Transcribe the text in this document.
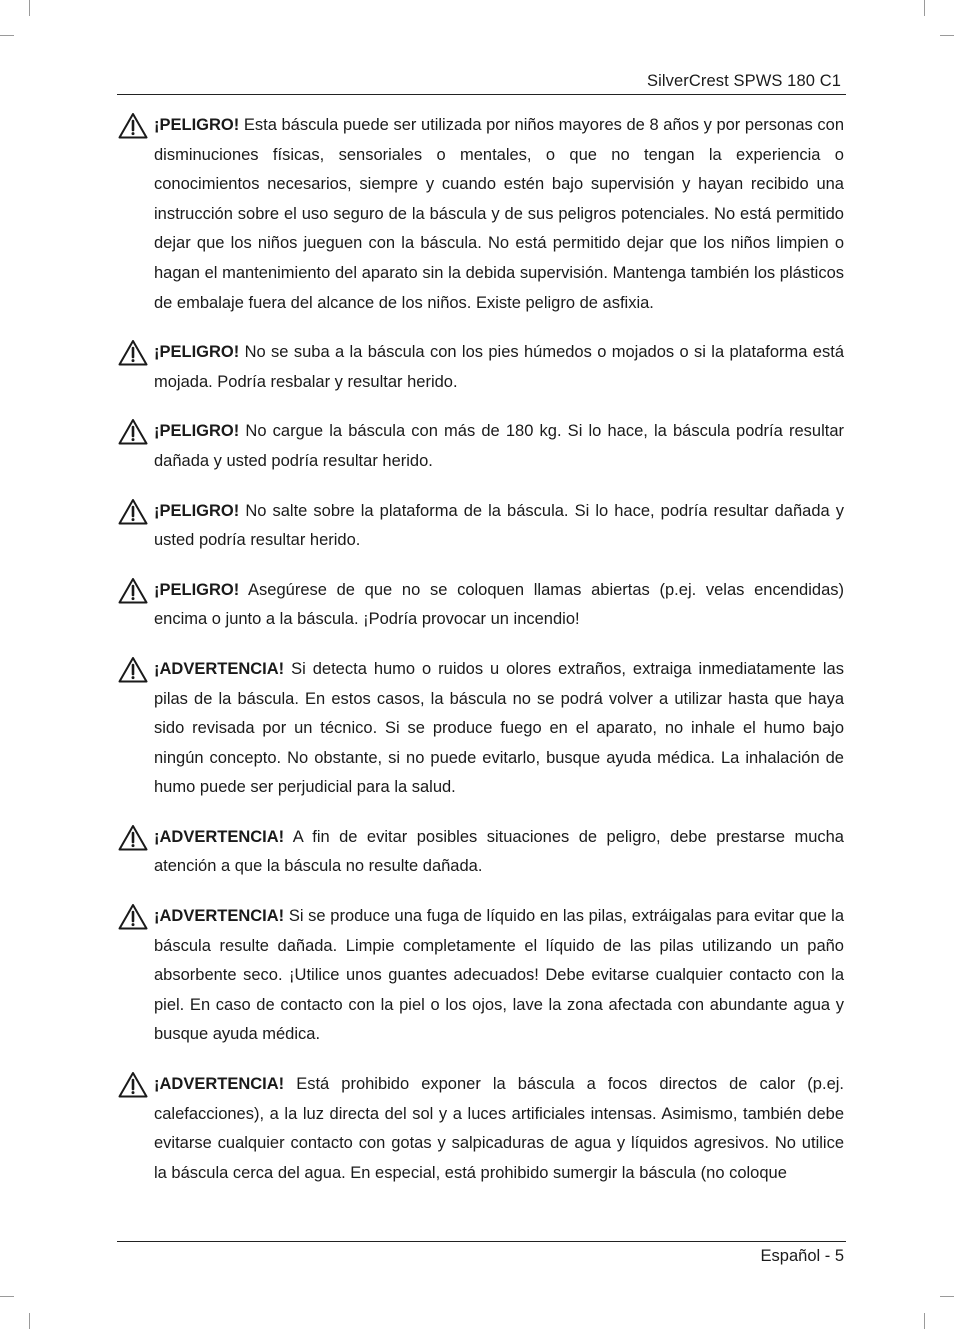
SilverCrest SPWS 180 C1

¡PELIGRO! Esta báscula puede ser utilizada por niños mayores de 8 años y por personas con disminuciones físicas, sensoriales o mentales, o que no tengan la experiencia o conocimientos necesarios, siempre y cuando estén bajo supervisión y hayan recibido una instrucción sobre el uso seguro de la báscula y de sus peligros potenciales. No está permitido dejar que los niños jueguen con la báscula. No está permitido dejar que los niños limpien o hagan el mantenimiento del aparato sin la debida supervisión. Mantenga también los plásticos de embalaje fuera del alcance de los niños. Existe peligro de asfixia.

¡PELIGRO! No se suba a la báscula con los pies húmedos o mojados o si la plataforma está mojada. Podría resbalar y resultar herido.

¡PELIGRO! No cargue la báscula con más de 180 kg. Si lo hace, la báscula podría resultar dañada y usted podría resultar herido.

¡PELIGRO! No salte sobre la plataforma de la báscula. Si lo hace, podría resultar dañada y usted podría resultar herido.

¡PELIGRO! Asegúrese de que no se coloquen llamas abiertas (p.ej. velas encendidas) encima o junto a la báscula. ¡Podría provocar un incendio!

¡ADVERTENCIA! Si detecta humo o ruidos u olores extraños, extraiga inmediatamente las pilas de la báscula. En estos casos, la báscula no se podrá volver a utilizar hasta que haya sido revisada por un técnico. Si se produce fuego en el aparato, no inhale el humo bajo ningún concepto. No obstante, si no puede evitarlo, busque ayuda médica. La inhalación de humo puede ser perjudicial para la salud.

¡ADVERTENCIA! A fin de evitar posibles situaciones de peligro, debe prestarse mucha atención a que la báscula no resulte dañada.

¡ADVERTENCIA! Si se produce una fuga de líquido en las pilas, extráigalas para evitar que la báscula resulte dañada. Limpie completamente el líquido de las pilas utilizando un paño absorbente seco. ¡Utilice unos guantes adecuados! Debe evitarse cualquier contacto con la piel. En caso de contacto con la piel o los ojos, lave la zona afectada con abundante agua y busque ayuda médica.

¡ADVERTENCIA! Está prohibido exponer la báscula a focos directos de calor (p.ej. calefacciones), a la luz directa del sol y a luces artificiales intensas. Asimismo, también debe evitarse cualquier contacto con gotas y salpicaduras de agua y líquidos agresivos. No utilice la báscula cerca del agua. En especial, está prohibido sumergir la báscula (no coloque

Español - 5
